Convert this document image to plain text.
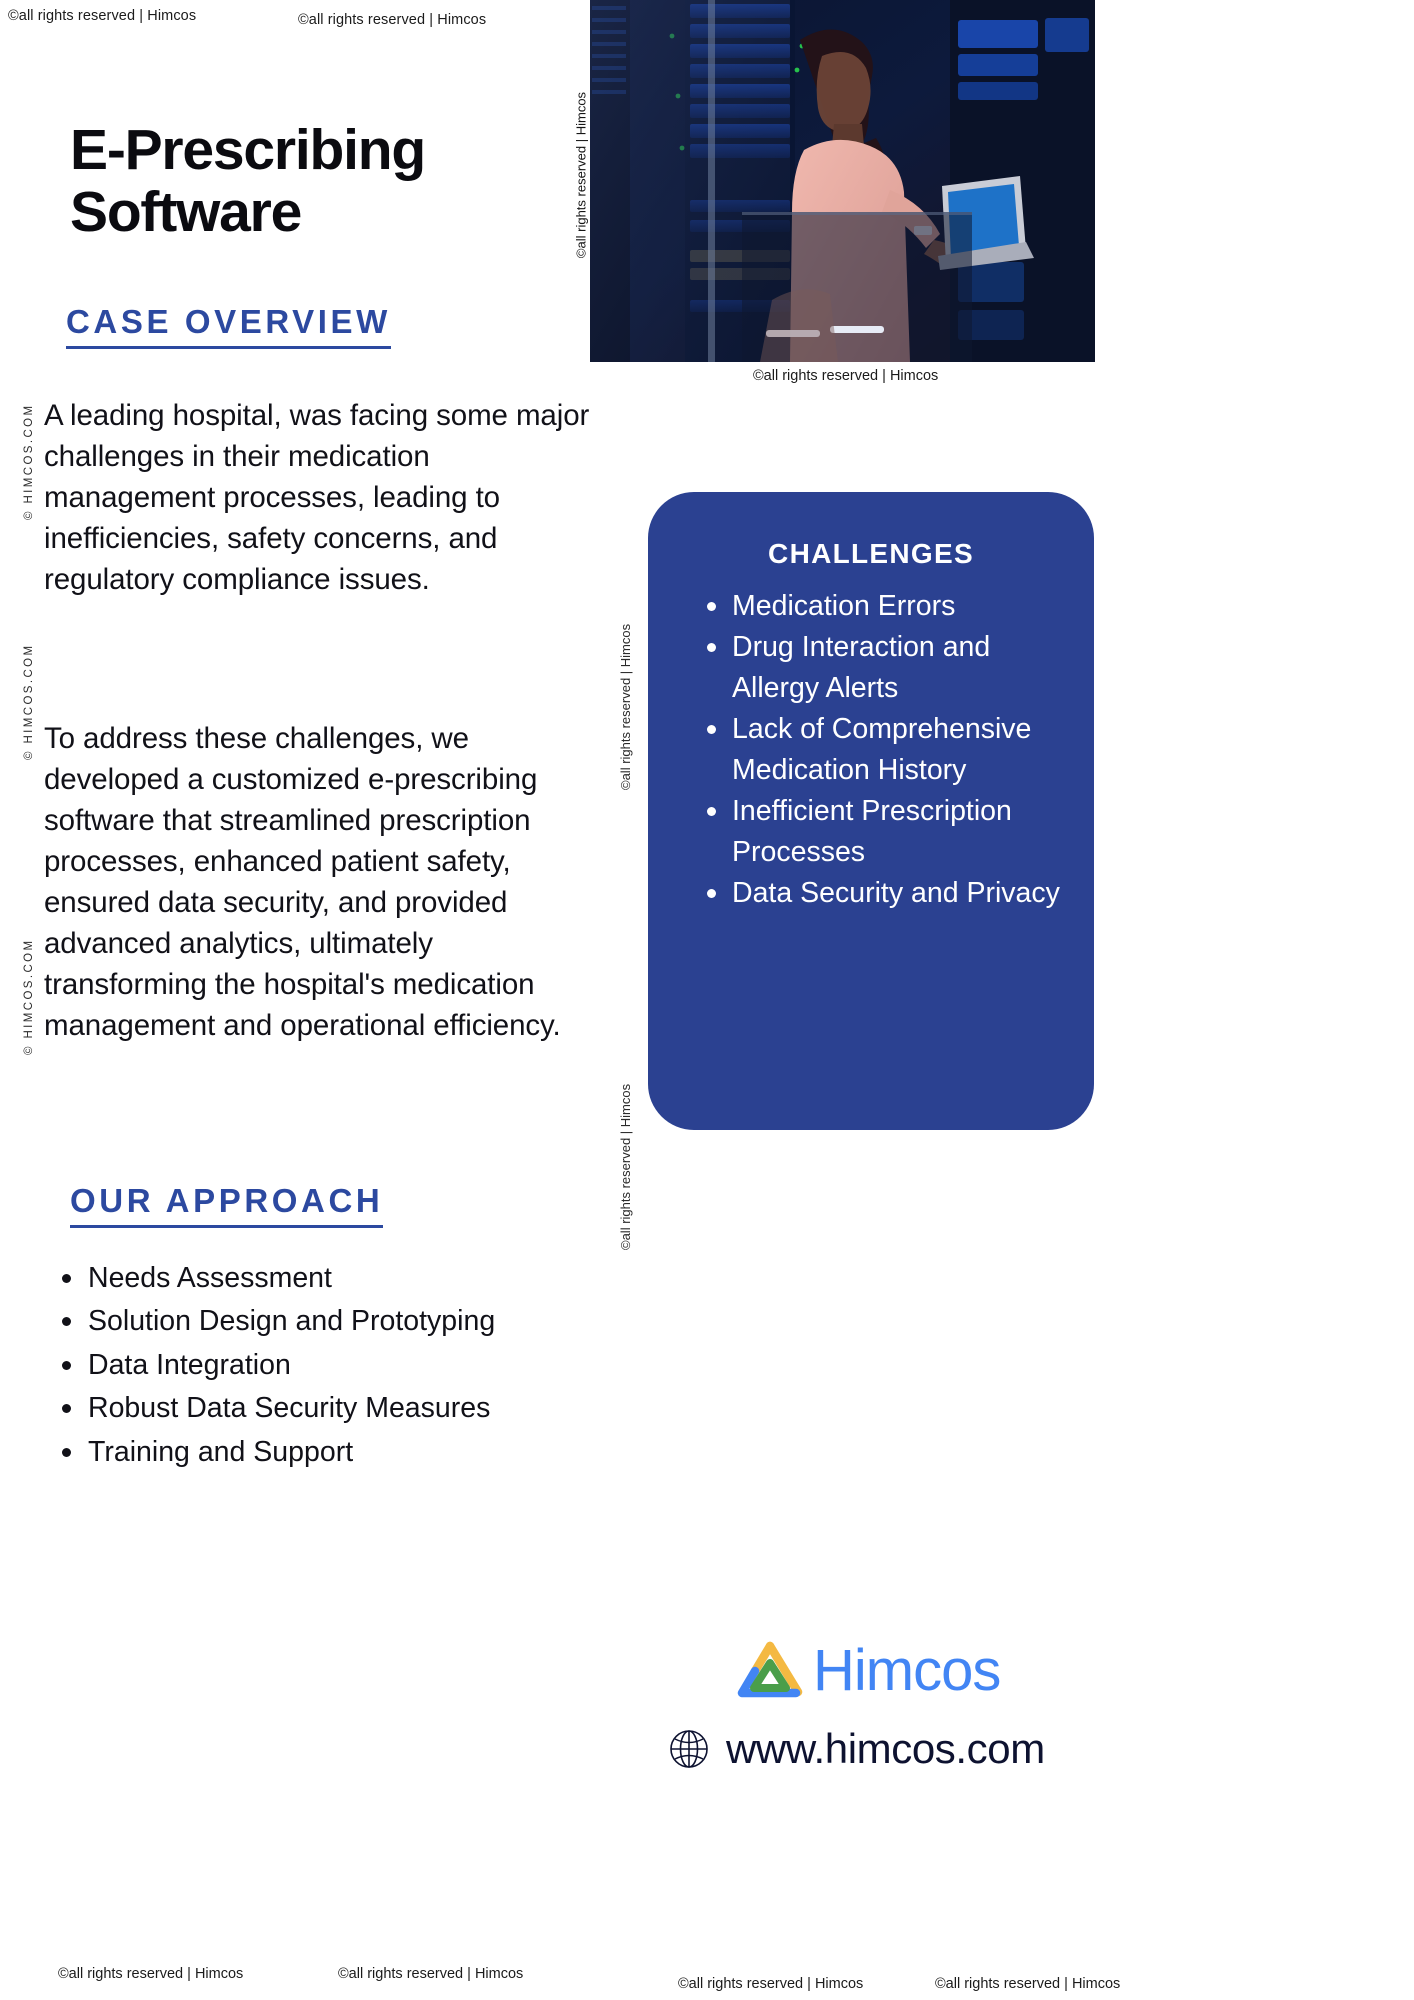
©all rights reserved | Himcos
©all rights reserved | Himcos
©all rights reserved | Himcos	©all rights reserved | Himcos
© HIMCOS.COM
© HIMCOS.COM
© HIMCOS.COM
©all rights reserved | Himcos
©all rights reserved | Himcos
E-Prescribing Software
CASE OVERVIEW

A leading hospital, was facing some major challenges in their medication management processes, leading to inefficiencies, safety concerns, and regulatory compliance issues.

To address these challenges, we developed a customized e-prescribing software that streamlined prescription processes, enhanced patient safety, ensured data security, and provided advanced analytics, ultimately transforming the hospital's medication management and operational efficiency.

CHALLENGES
Medication Errors
Drug Interaction and Allergy Alerts
Lack of Comprehensive Medication History
Inefficient Prescription Processes
Data Security and Privacy
OUR APPROACH
Needs Assessment
Solution Design and Prototyping
Data Integration
Robust Data Security Measures
Training and Support
Himcos
www.himcos.com
©all rights reserved | Himcos	©all rights reserved | Himcos
©all rights reserved | Himcos	©all rights reserved | Himcos
